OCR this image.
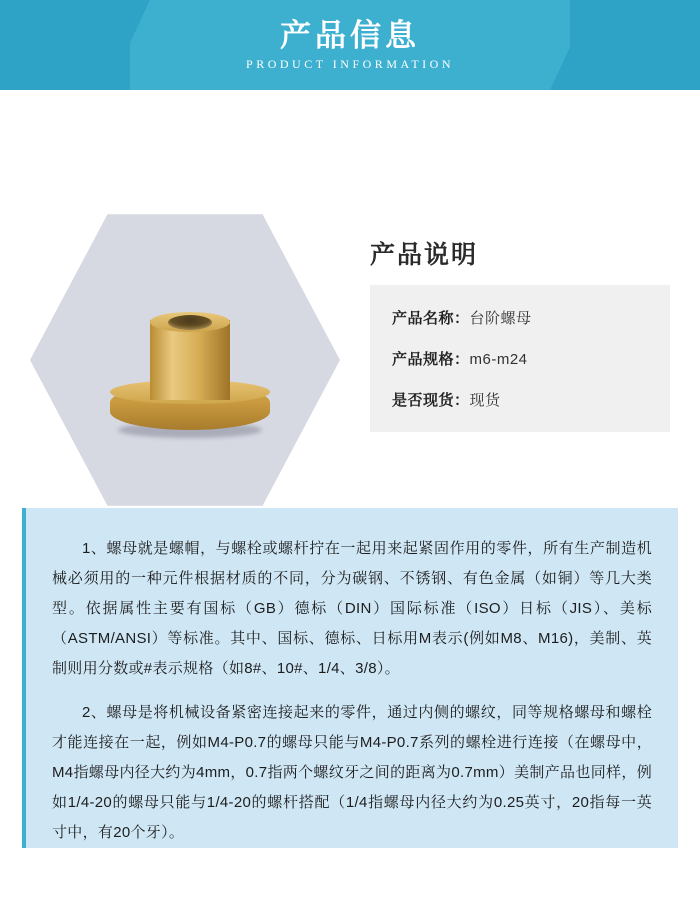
产品信息
PRODUCT INFORMATION
产品说明
产品名称：台阶螺母
产品规格：m6-m24
是否现货：现货

1、螺母就是螺帽，与螺栓或螺杆拧在一起用来起紧固作用的零件，所有生产制造机械必须用的一种元件根据材质的不同，分为碳钢、不锈钢、有色金属（如铜）等几大类型。依据属性主要有国标（GB）德标（DIN）国际标准（ISO）日标（JIS）、美标（ASTM/ANSI）等标准。其中、国标、德标、日标用M表示(例如M8、M16)，美制、英制则用分数或#表示规格（如8#、10#、1/4、3/8）。

2、螺母是将机械设备紧密连接起来的零件，通过内侧的螺纹，同等规格螺母和螺栓才能连接在一起，例如M4-P0.7的螺母只能与M4-P0.7系列的螺栓进行连接（在螺母中，M4指螺母内径大约为4mm，0.7指两个螺纹牙之间的距离为0.7mm）美制产品也同样，例如1/4-20的螺母只能与1/4-20的螺杆搭配（1/4指螺母内径大约为0.25英寸，20指每一英寸中，有20个牙）。
